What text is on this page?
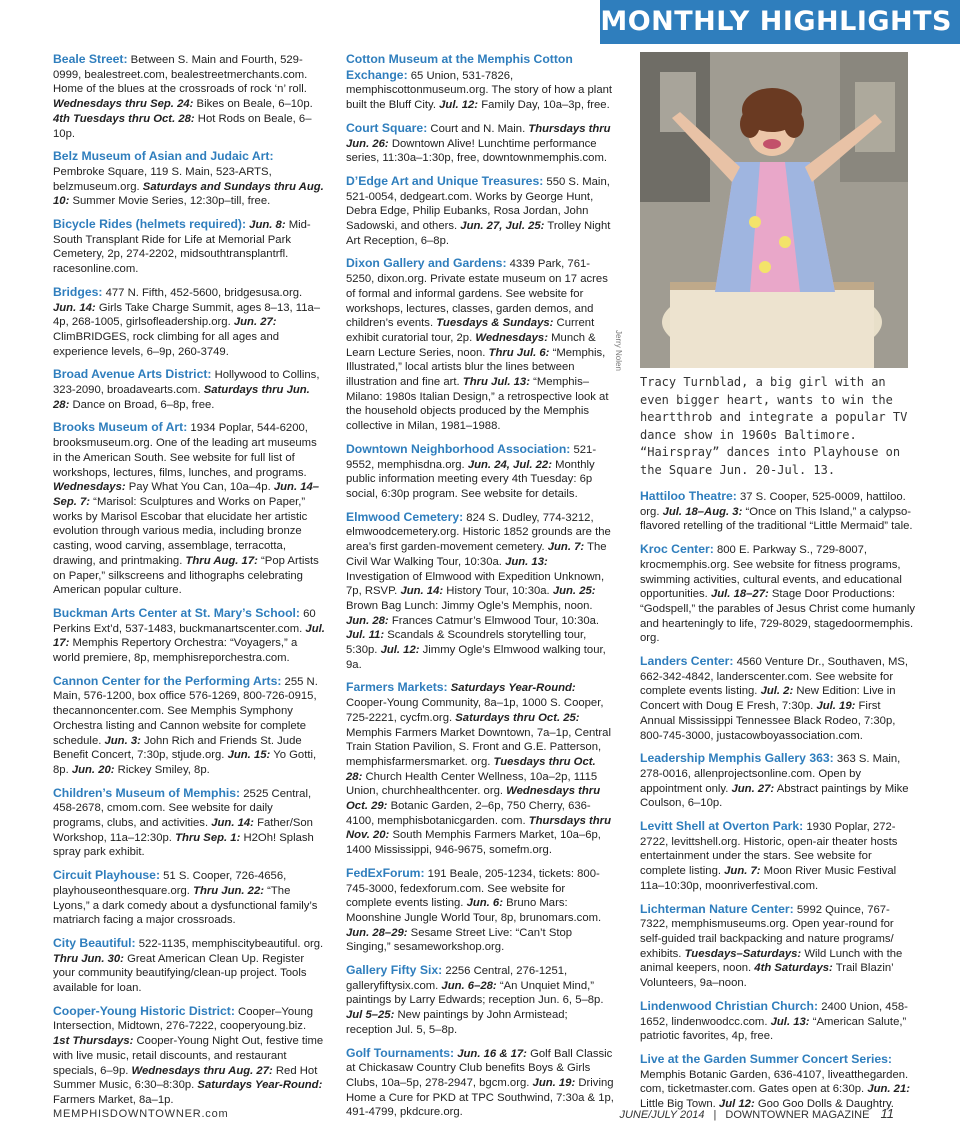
MONTHLY HIGHLIGHTS

Beale Street: Between S. Main and Fourth, 529-0999, bealestreet.com, bealestreetmerchants.com. Home of the blues at the crossroads of rock ‘n’ roll. Wednesdays thru Sep. 24: Bikes on Beale, 6–10p. 4th Tuesdays thru Oct. 28: Hot Rods on Beale, 6–10p.

Belz Museum of Asian and Judaic Art: Pembroke Square, 119 S. Main, 523-ARTS, belzmuseum.org. Saturdays and Sundays thru Aug. 10: Summer Movie Series, 12:30p–till, free.

Bicycle Rides (helmets required): Jun. 8: Mid-South Transplant Ride for Life at Memorial Park Cemetery, 2p, 274-2202, midsouthtransplantrfl. racesonline.com.

Bridges: 477 N. Fifth, 452-5600, bridgesusa.org. Jun. 14: Girls Take Charge Summit, ages 8–13, 11a–4p, 268-1005, girlsofleadership.org. Jun. 27: ClimBRIDGES, rock climbing for all ages and experience levels, 6–9p, 260-3749.

Broad Avenue Arts District: Hollywood to Collins, 323-2090, broadavearts.com. Saturdays thru Jun. 28: Dance on Broad, 6–8p, free.

Brooks Museum of Art: 1934 Poplar, 544-6200, brooksmuseum.org. One of the leading art museums in the American South. See website for full list of workshops, lectures, films, lunches, and programs. Wednesdays: Pay What You Can, 10a–4p. Jun. 14–Sep. 7: “Marisol: Sculptures and Works on Paper,” works by Marisol Escobar that elucidate her artistic evolution through various media, including bronze casting, wood carving, assemblage, terracotta, drawing, and printmaking. Thru Aug. 17: “Pop Artists on Paper,” silkscreens and lithographs celebrating American popular culture.

Buckman Arts Center at St. Mary’s School: 60 Perkins Ext’d, 537-1483, buckmanartscenter.com. Jul. 17: Memphis Repertory Orchestra: “Voyagers,” a world premiere, 8p, memphisreporchestra.com.

Cannon Center for the Performing Arts: 255 N. Main, 576-1200, box office 576-1269, 800-726-0915, thecannoncenter.com. See Memphis Symphony Orchestra listing and Cannon website for complete schedule. Jun. 3: John Rich and Friends St. Jude Benefit Concert, 7:30p, stjude.org. Jun. 15: Yo Gotti, 8p. Jun. 20: Rickey Smiley, 8p.

Children’s Museum of Memphis: 2525 Central, 458-2678, cmom.com. See website for daily programs, clubs, and activities. Jun. 14: Father/Son Workshop, 11a–12:30p. Thru Sep. 1: H2Oh! Splash spray park exhibit.

Circuit Playhouse: 51 S. Cooper, 726-4656, playhouseonthesquare.org. Thru Jun. 22: “The Lyons,” a dark comedy about a dysfunctional family’s matriarch facing a major crossroads.

City Beautiful: 522-1135, memphiscitybeautiful. org. Thru Jun. 30: Great American Clean Up. Register your community beautifying/clean-up project. Tools available for loan.

Cooper-Young Historic District: Cooper–Young Intersection, Midtown, 276-7222, cooperyoung.biz. 1st Thursdays: Cooper-Young Night Out, festive time with live music, retail discounts, and restaurant specials, 6–9p. Wednesdays thru Aug. 27: Red Hot Summer Music, 6:30–8:30p. Saturdays Year-Round: Farmers Market, 8a–1p.

Cotton Museum at the Memphis Cotton Exchange: 65 Union, 531-7826, memphiscottonmuseum.org. The story of how a plant built the Bluff City. Jul. 12: Family Day, 10a–3p, free.

Court Square: Court and N. Main. Thursdays thru Jun. 26: Downtown Alive! Lunchtime performance series, 11:30a–1:30p, free, downtownmemphis.com.

D’Edge Art and Unique Treasures: 550 S. Main, 521-0054, dedgeart.com. Works by George Hunt, Debra Edge, Philip Eubanks, Rosa Jordan, John Sadowski, and others. Jun. 27, Jul. 25: Trolley Night Art Reception, 6–8p.

Dixon Gallery and Gardens: 4339 Park, 761-5250, dixon.org. Private estate museum on 17 acres of formal and informal gardens. See website for workshops, lectures, classes, garden demos, and children’s events. Tuesdays & Sundays: Current exhibit curatorial tour, 2p. Wednesdays: Munch & Learn Lecture Series, noon. Thru Jul. 6: “Memphis, Illustrated,” local artists blur the lines between illustration and fine art. Thru Jul. 13: “Memphis–Milano: 1980s Italian Design,” a retrospective look at the household objects produced by the Memphis collective in Milan, 1981–1988.

Downtown Neighborhood Association: 521-9552, memphisdna.org. Jun. 24, Jul. 22: Monthly public information meeting every 4th Tuesday: 6p social, 6:30p program. See website for details.

Elmwood Cemetery: 824 S. Dudley, 774-3212, elmwoodcemetery.org. Historic 1852 grounds are the area’s first garden-movement cemetery. Jun. 7: The Civil War Walking Tour, 10:30a. Jun. 13: Investigation of Elmwood with Expedition Unknown, 7p, RSVP. Jun. 14: History Tour, 10:30a. Jun. 25: Brown Bag Lunch: Jimmy Ogle’s Memphis, noon. Jun. 28: Frances Catmur’s Elmwood Tour, 10:30a. Jul. 11: Scandals & Scoundrels storytelling tour, 5:30p. Jul. 12: Jimmy Ogle’s Elmwood walking tour, 9a.

Farmers Markets: Saturdays Year-Round: Cooper-Young Community, 8a–1p, 1000 S. Cooper, 725-2221, cycfm.org. Saturdays thru Oct. 25: Memphis Farmers Market Downtown, 7a–1p, Central Train Station Pavilion, S. Front and G.E. Patterson, memphisfarmersmarket. org. Tuesdays thru Oct. 28: Church Health Center Wellness, 10a–2p, 1115 Union, churchhealthcenter. org. Wednesdays thru Oct. 29: Botanic Garden, 2–6p, 750 Cherry, 636-4100, memphisbotanicgarden. com. Thursdays thru Nov. 20: South Memphis Farmers Market, 10a–6p, 1400 Mississippi, 946-9675, somefm.org.

FedExForum: 191 Beale, 205-1234, tickets: 800-745-3000, fedexforum.com. See website for complete events listing. Jun. 6: Bruno Mars: Moonshine Jungle World Tour, 8p, brunomars.com. Jun. 28–29: Sesame Street Live: “Can’t Stop Singing,” sesameworkshop.org.

Gallery Fifty Six: 2256 Central, 276-1251, galleryfiftysix.com. Jun. 6–28: “An Unquiet Mind,” paintings by Larry Edwards; reception Jun. 6, 5–8p. Jul 5–25: New paintings by John Armistead; reception Jul. 5, 5–8p.

Golf Tournaments: Jun. 16 & 17: Golf Ball Classic at Chickasaw Country Club benefits Boys & Girls Clubs, 10a–5p, 278-2947, bgcm.org. Jun. 19: Driving Home a Cure for PKD at TPC Southwind, 7:30a & 1p, 491-4799, pkdcure.org.

Tracy Turnblad, a big girl with an even bigger heart, wants to win the heartthrob and integrate a popular TV dance show in 1960s Baltimore. “Hairspray” dances into Playhouse on the Square Jun. 20-Jul. 13.

Hattiloo Theatre: 37 S. Cooper, 525-0009, hattiloo. org. Jul. 18–Aug. 3: “Once on This Island,” a calypso-flavored retelling of the traditional “Little Mermaid” tale.

Kroc Center: 800 E. Parkway S., 729-8007, krocmemphis.org. See website for fitness programs, swimming activities, cultural events, and educational opportunities. Jul. 18–27: Stage Door Productions: “Godspell,” the parables of Jesus Christ come humanly and hearteningly to life, 729-8029, stagedoormemphis. org.

Landers Center: 4560 Venture Dr., Southaven, MS, 662-342-4842, landerscenter.com. See website for complete events listing. Jul. 2: New Edition: Live in Concert with Doug E Fresh, 7:30p. Jul. 19: First Annual Mississippi Tennessee Black Rodeo, 7:30p, 800-745-3000, justacowboyassociation.com.

Leadership Memphis Gallery 363: 363 S. Main, 278-0016, allenprojectsonline.com. Open by appointment only. Jun. 27: Abstract paintings by Mike Coulson, 6–10p.

Levitt Shell at Overton Park: 1930 Poplar, 272-2722, levittshell.org. Historic, open-air theater hosts entertainment under the stars. See website for complete listing. Jun. 7: Moon River Music Festival 11a–10:30p, moonriverfestival.com.

Lichterman Nature Center: 5992 Quince, 767-7322, memphismuseums.org. Open year-round for self-guided trail backpacking and nature programs/ exhibits. Tuesdays–Saturdays: Wild Lunch with the animal keepers, noon. 4th Saturdays: Trail Blazin’ Volunteers, 9a–noon.

Lindenwood Christian Church: 2400 Union, 458-1652, lindenwoodcc.com. Jul. 13: “American Salute,” patriotic favorites, 4p, free.

Live at the Garden Summer Concert Series: Memphis Botanic Garden, 636-4107, liveatthegarden. com, ticketmaster.com. Gates open at 6:30p. Jun. 21: Little Big Town. Jul 12: Goo Goo Dolls & Daughtry.

Jerry Nolen
MEMPHISDOWNTOWNER.com	JUNE/JULY 2014 | DOWNTOWNER MAGAZINE 11
